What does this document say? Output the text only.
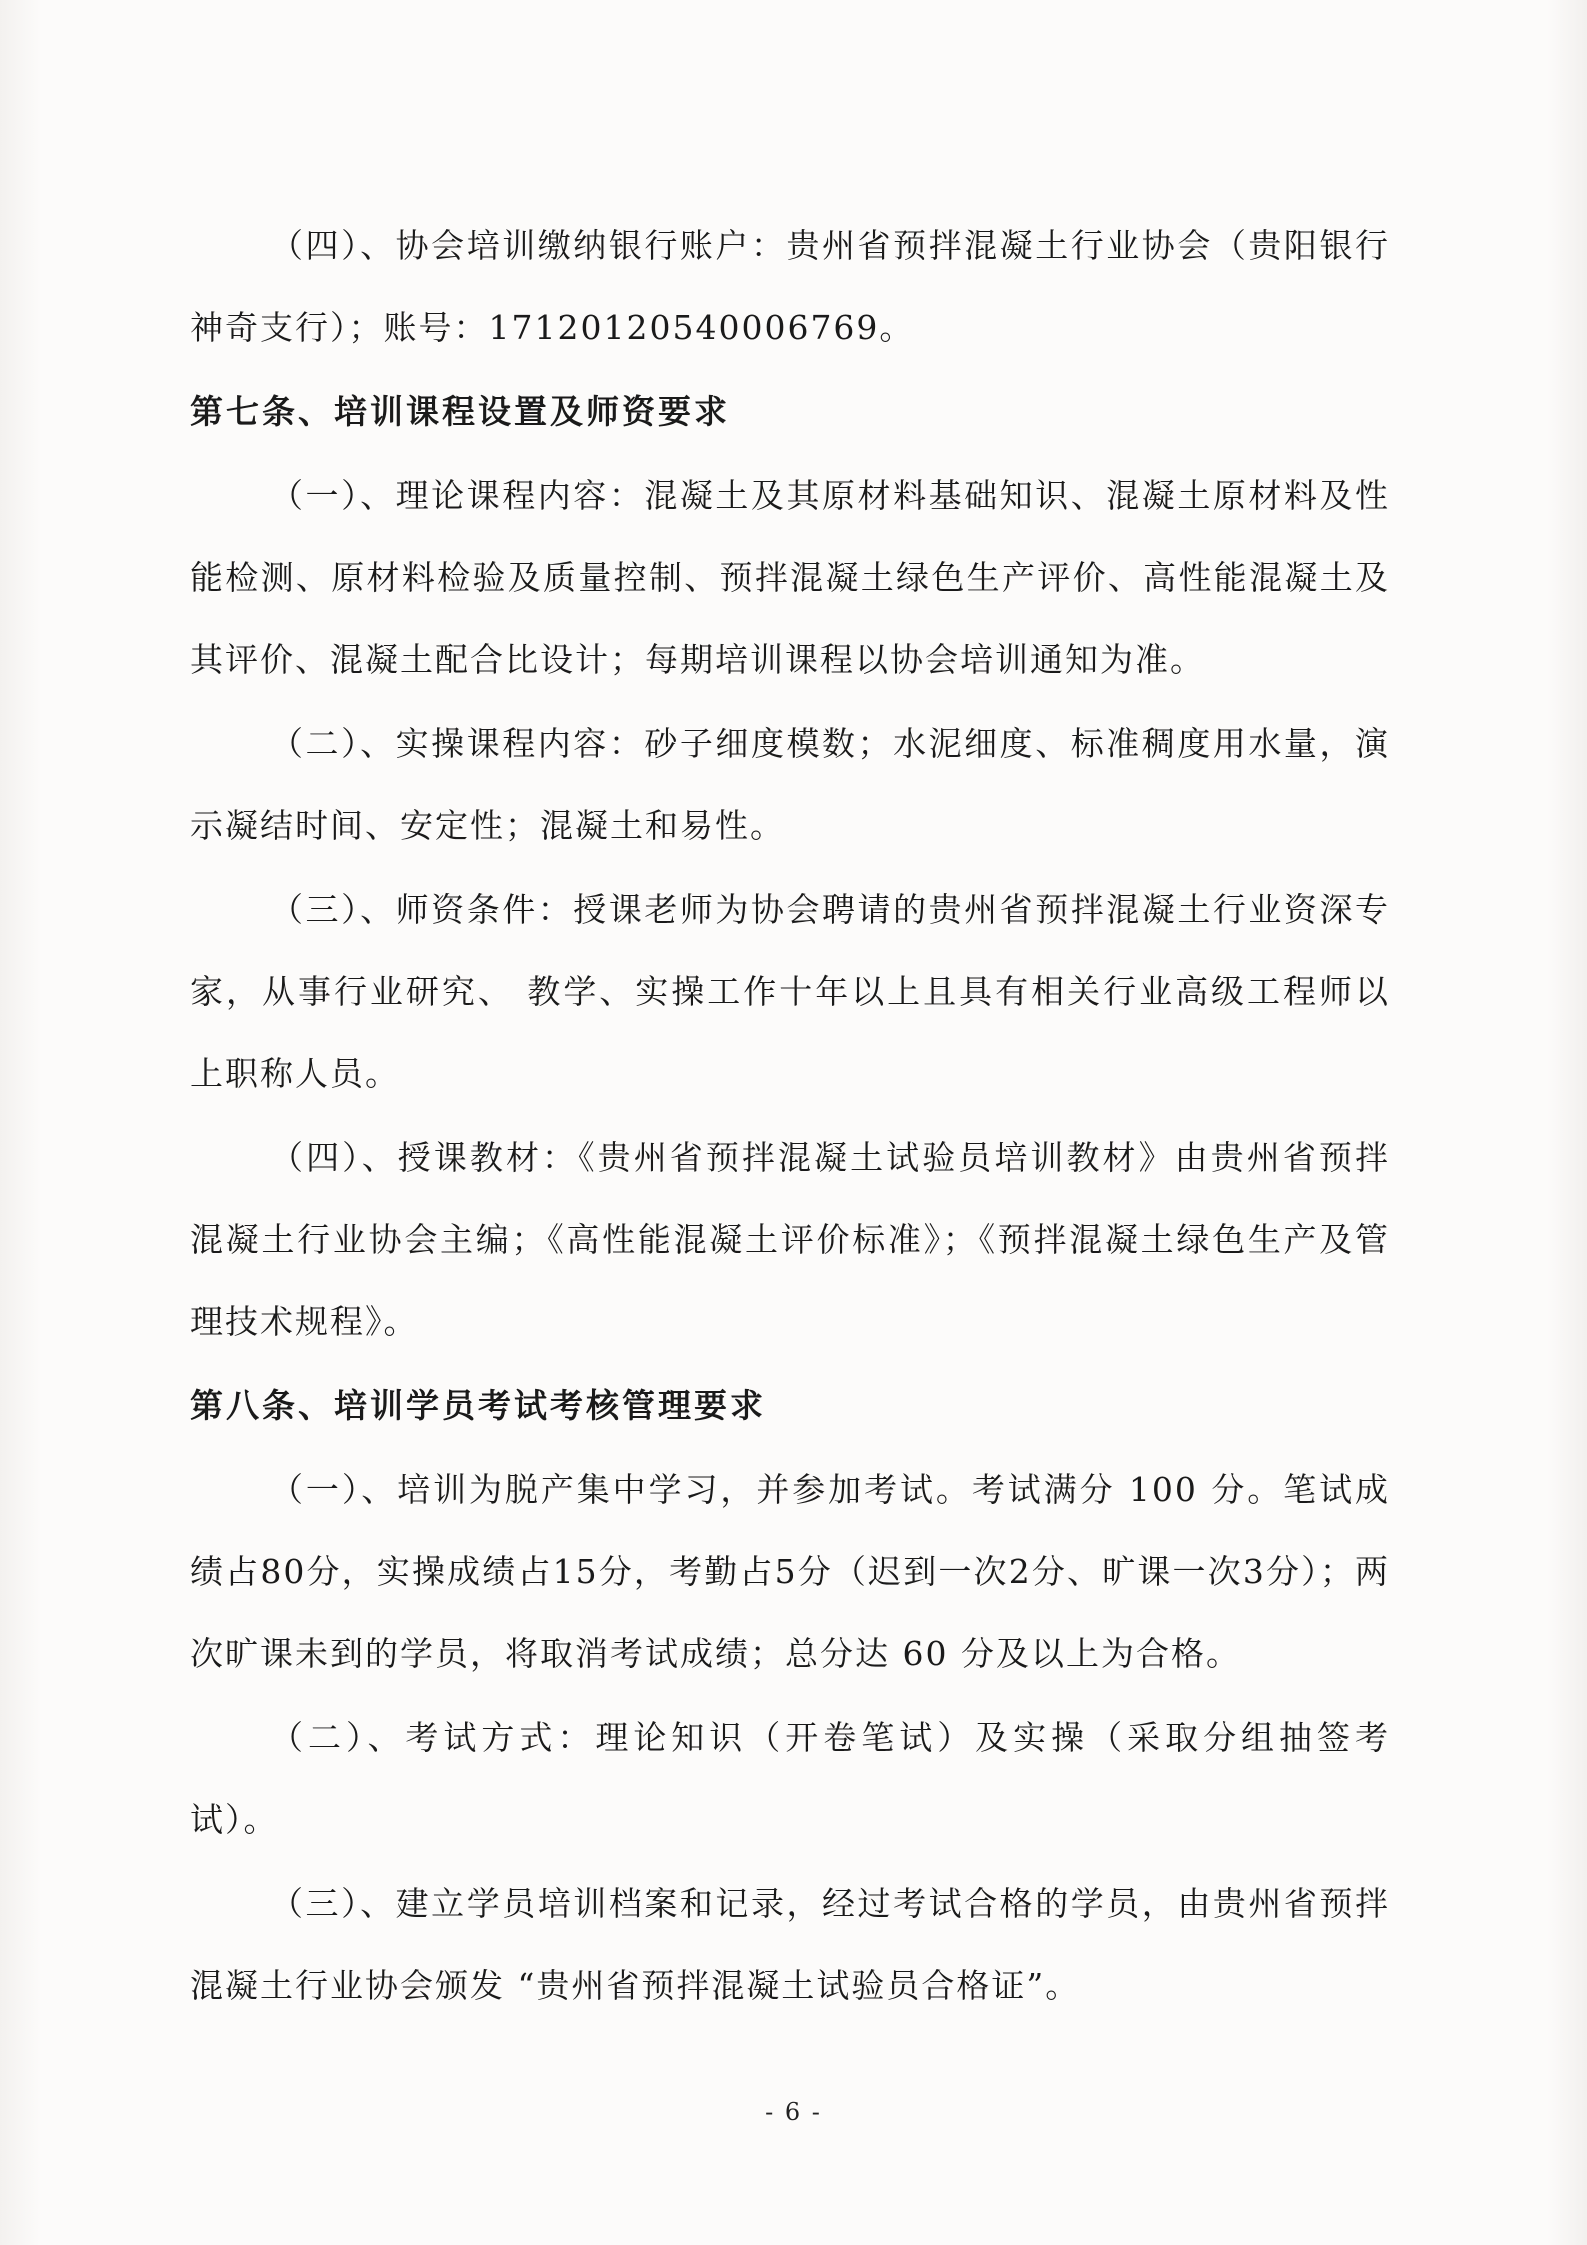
（四）、协会培训缴纳银行账户：贵州省预拌混凝土行业协会（贵阳银行神奇支行）；账号：17120120540006769。

第七条、培训课程设置及师资要求

（一）、理论课程内容：混凝土及其原材料基础知识、混凝土原材料及性能检测、原材料检验及质量控制、预拌混凝土绿色生产评价、高性能混凝土及其评价、混凝土配合比设计；每期培训课程以协会培训通知为准。

（二）、实操课程内容：砂子细度模数；水泥细度、标准稠度用水量，演示凝结时间、安定性；混凝土和易性。

（三）、师资条件：授课老师为协会聘请的贵州省预拌混凝土行业资深专家，从事行业研究、 教学、实操工作十年以上且具有相关行业高级工程师以上职称人员。

（四）、授课教材：《贵州省预拌混凝土试验员培训教材》由贵州省预拌混凝土行业协会主编；《高性能混凝土评价标准》；《预拌混凝土绿色生产及管理技术规程》。

第八条、培训学员考试考核管理要求

（一）、培训为脱产集中学习，并参加考试。考试满分 100 分。笔试成绩占80分，实操成绩占15分，考勤占5分（迟到一次2分、旷课一次3分）；两次旷课未到的学员，将取消考试成绩；总分达 60 分及以上为合格。

（二）、考试方式：理论知识（开卷笔试）及实操（采取分组抽签考试）。

（三）、建立学员培训档案和记录，经过考试合格的学员，由贵州省预拌混凝土行业协会颁发 “贵州省预拌混凝土试验员合格证”。

- 6 -
